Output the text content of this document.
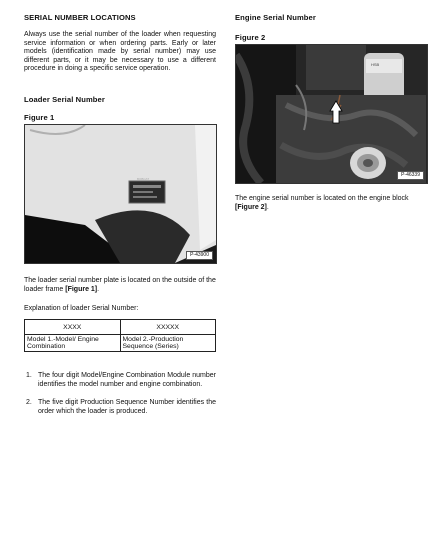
SERIAL NUMBER LOCATIONS
Always use the serial number of the loader when requesting service information or when ordering parts. Early or later models (identification made by serial number) may use different parts, or it may be necessary to use a different procedure in doing a specific service operation.
Loader Serial Number
Figure 1
BOBCAT
P-43900
The loader serial number plate is located on the outside of the loader frame [Figure 1].
Explanation of loader Serial Number:
XXXX	XXXXX
Model 1.-Model/ Engine Combination	Model 2.-Production Sequence (Series)
1. The four digit Model/Engine Combination Module number identifies the model number and engine combination.
2. The five digit Production Sequence Number identifies the order which the loader is produced.
Engine Serial Number
Figure 2
HSB
P-46339
The engine serial number is located on the engine block [Figure 2].
